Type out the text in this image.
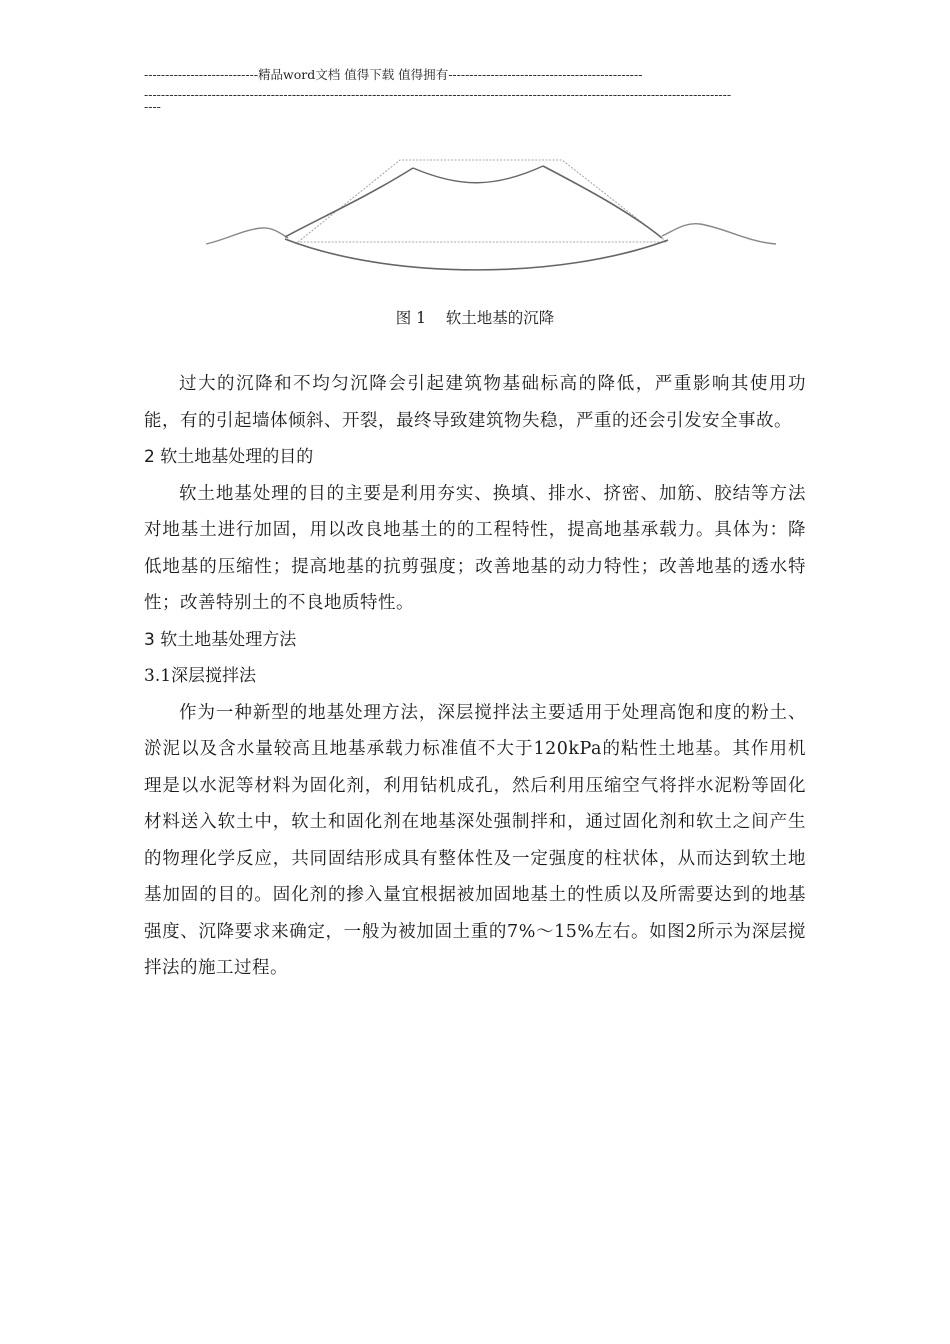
---------------------------精品word文档 值得下载 值得拥有----------------------------------------------
-------------------------------------------------------------------------------------------------------------------------------------------
----
图 1 软土地基的沉降

过大的沉降和不均匀沉降会引起建筑物基础标高的降低，严重影响其使用功能，有的引起墙体倾斜、开裂，最终导致建筑物失稳，严重的还会引发安全事故。

2 软土地基处理的目的

软土地基处理的目的主要是利用夯实、换填、排水、挤密、加筋、胶结等方法对地基土进行加固，用以改良地基土的的工程特性，提高地基承载力。具体为：降低地基的压缩性；提高地基的抗剪强度；改善地基的动力特性；改善地基的透水特性；改善特别土的不良地质特性。

3 软土地基处理方法

3.1深层搅拌法

作为一种新型的地基处理方法，深层搅拌法主要适用于处理高饱和度的粉土、淤泥以及含水量较高且地基承载力标准值不大于120kPa的粘性土地基。其作用机理是以水泥等材料为固化剂，利用钻机成孔，然后利用压缩空气将拌水泥粉等固化材料送入软土中，软土和固化剂在地基深处强制拌和，通过固化剂和软土之间产生的物理化学反应，共同固结形成具有整体性及一定强度的柱状体，从而达到软土地基加固的目的。固化剂的掺入量宜根据被加固地基土的性质以及所需要达到的地基强度、沉降要求来确定，一般为被加固土重的7%～15%左右。如图2所示为深层搅拌法的施工过程。
